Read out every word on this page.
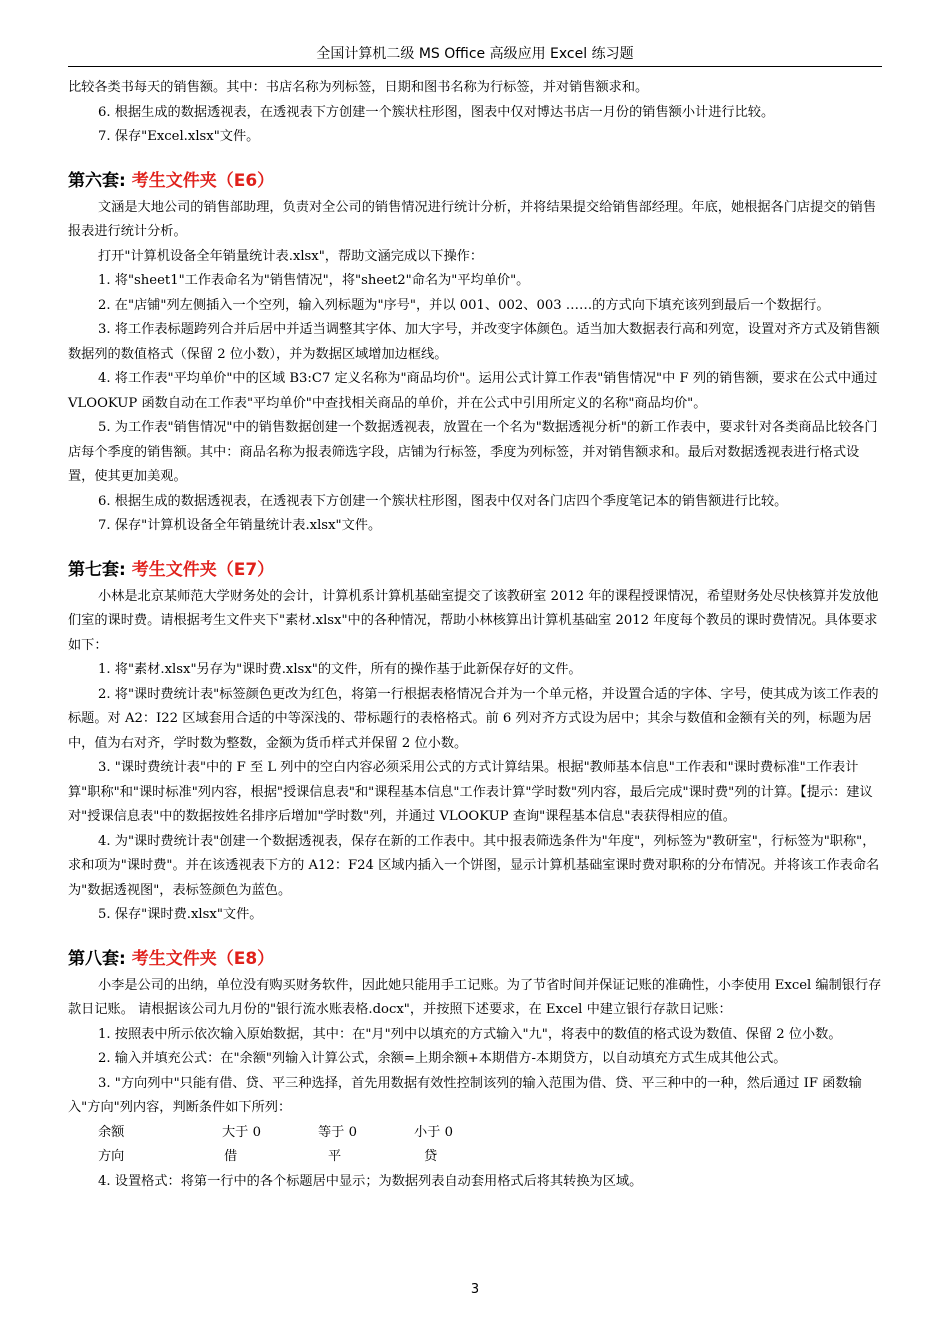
全国计算机二级 MS Office 高级应用 Excel 练习题

比较各类书每天的销售额。其中：书店名称为列标签，日期和图书名称为行标签，并对销售额求和。

6. 根据生成的数据透视表，在透视表下方创建一个簇状柱形图，图表中仅对博达书店一月份的销售额小计进行比较。

7. 保存"Excel.xlsx"文件。

第六套: 考生文件夹（E6）

文涵是大地公司的销售部助理，负责对全公司的销售情况进行统计分析，并将结果提交给销售部经理。年底，她根据各门店提交的销售报表进行统计分析。

打开"计算机设备全年销量统计表.xlsx"，帮助文涵完成以下操作：

1. 将"sheet1"工作表命名为"销售情况"，将"sheet2"命名为"平均单价"。

2. 在"店铺"列左侧插入一个空列，输入列标题为"序号"，并以 001、002、003 ……的方式向下填充该列到最后一个数据行。

3. 将工作表标题跨列合并后居中并适当调整其字体、加大字号，并改变字体颜色。适当加大数据表行高和列宽，设置对齐方式及销售额数据列的数值格式（保留 2 位小数），并为数据区域增加边框线。

4. 将工作表"平均单价"中的区域 B3:C7 定义名称为"商品均价"。运用公式计算工作表"销售情况"中 F 列的销售额，要求在公式中通过 VLOOKUP 函数自动在工作表"平均单价"中查找相关商品的单价，并在公式中引用所定义的名称"商品均价"。

5. 为工作表"销售情况"中的销售数据创建一个数据透视表，放置在一个名为"数据透视分析"的新工作表中，要求针对各类商品比较各门店每个季度的销售额。其中：商品名称为报表筛选字段，店铺为行标签，季度为列标签，并对销售额求和。最后对数据透视表进行格式设置，使其更加美观。

6. 根据生成的数据透视表，在透视表下方创建一个簇状柱形图，图表中仅对各门店四个季度笔记本的销售额进行比较。

7. 保存"计算机设备全年销量统计表.xlsx"文件。

第七套: 考生文件夹（E7）

小林是北京某师范大学财务处的会计，计算机系计算机基础室提交了该教研室 2012 年的课程授课情况，希望财务处尽快核算并发放他们室的课时费。请根据考生文件夹下"素材.xlsx"中的各种情况，帮助小林核算出计算机基础室 2012 年度每个教员的课时费情况。具体要求如下：

1. 将"素材.xlsx"另存为"课时费.xlsx"的文件，所有的操作基于此新保存好的文件。

2. 将"课时费统计表"标签颜色更改为红色，将第一行根据表格情况合并为一个单元格，并设置合适的字体、字号，使其成为该工作表的标题。对 A2：I22 区域套用合适的中等深浅的、带标题行的表格格式。前 6 列对齐方式设为居中；其余与数值和金额有关的列，标题为居中，值为右对齐，学时数为整数，金额为货币样式并保留 2 位小数。

3. "课时费统计表"中的 F 至 L 列中的空白内容必须采用公式的方式计算结果。根据"教师基本信息"工作表和"课时费标准"工作表计算"职称"和"课时标准"列内容，根据"授课信息表"和"课程基本信息"工作表计算"学时数"列内容，最后完成"课时费"列的计算。【提示：建议对"授课信息表"中的数据按姓名排序后增加"学时数"列，并通过 VLOOKUP 查询"课程基本信息"表获得相应的值。

4. 为"课时费统计表"创建一个数据透视表，保存在新的工作表中。其中报表筛选条件为"年度"，列标签为"教研室"，行标签为"职称"，求和项为"课时费"。并在该透视表下方的 A12：F24 区域内插入一个饼图，显示计算机基础室课时费对职称的分布情况。并将该工作表命名为"数据透视图"，表标签颜色为蓝色。

5. 保存"课时费.xlsx"文件。

第八套: 考生文件夹（E8）

小李是公司的出纳，单位没有购买财务软件，因此她只能用手工记账。为了节省时间并保证记账的准确性，小李使用 Excel 编制银行存款日记账。 请根据该公司九月份的"银行流水账表格.docx"，并按照下述要求，在 Excel 中建立银行存款日记账：

1. 按照表中所示依次输入原始数据，其中：在"月"列中以填充的方式输入"九"，将表中的数值的格式设为数值、保留 2 位小数。

2. 输入并填充公式：在"余额"列输入计算公式，余额=上期余额+本期借方-本期贷方，以自动填充方式生成其他公式。

3. "方向列中"只能有借、贷、平三种选择，首先用数据有效性控制该列的输入范围为借、贷、平三种中的一种，然后通过 IF 函数输入"方向"列内容，判断条件如下所列：

余额	大于 0	等于 0	小于 0
方向	借	平	贷

4. 设置格式：将第一行中的各个标题居中显示；为数据列表自动套用格式后将其转换为区域。

3
